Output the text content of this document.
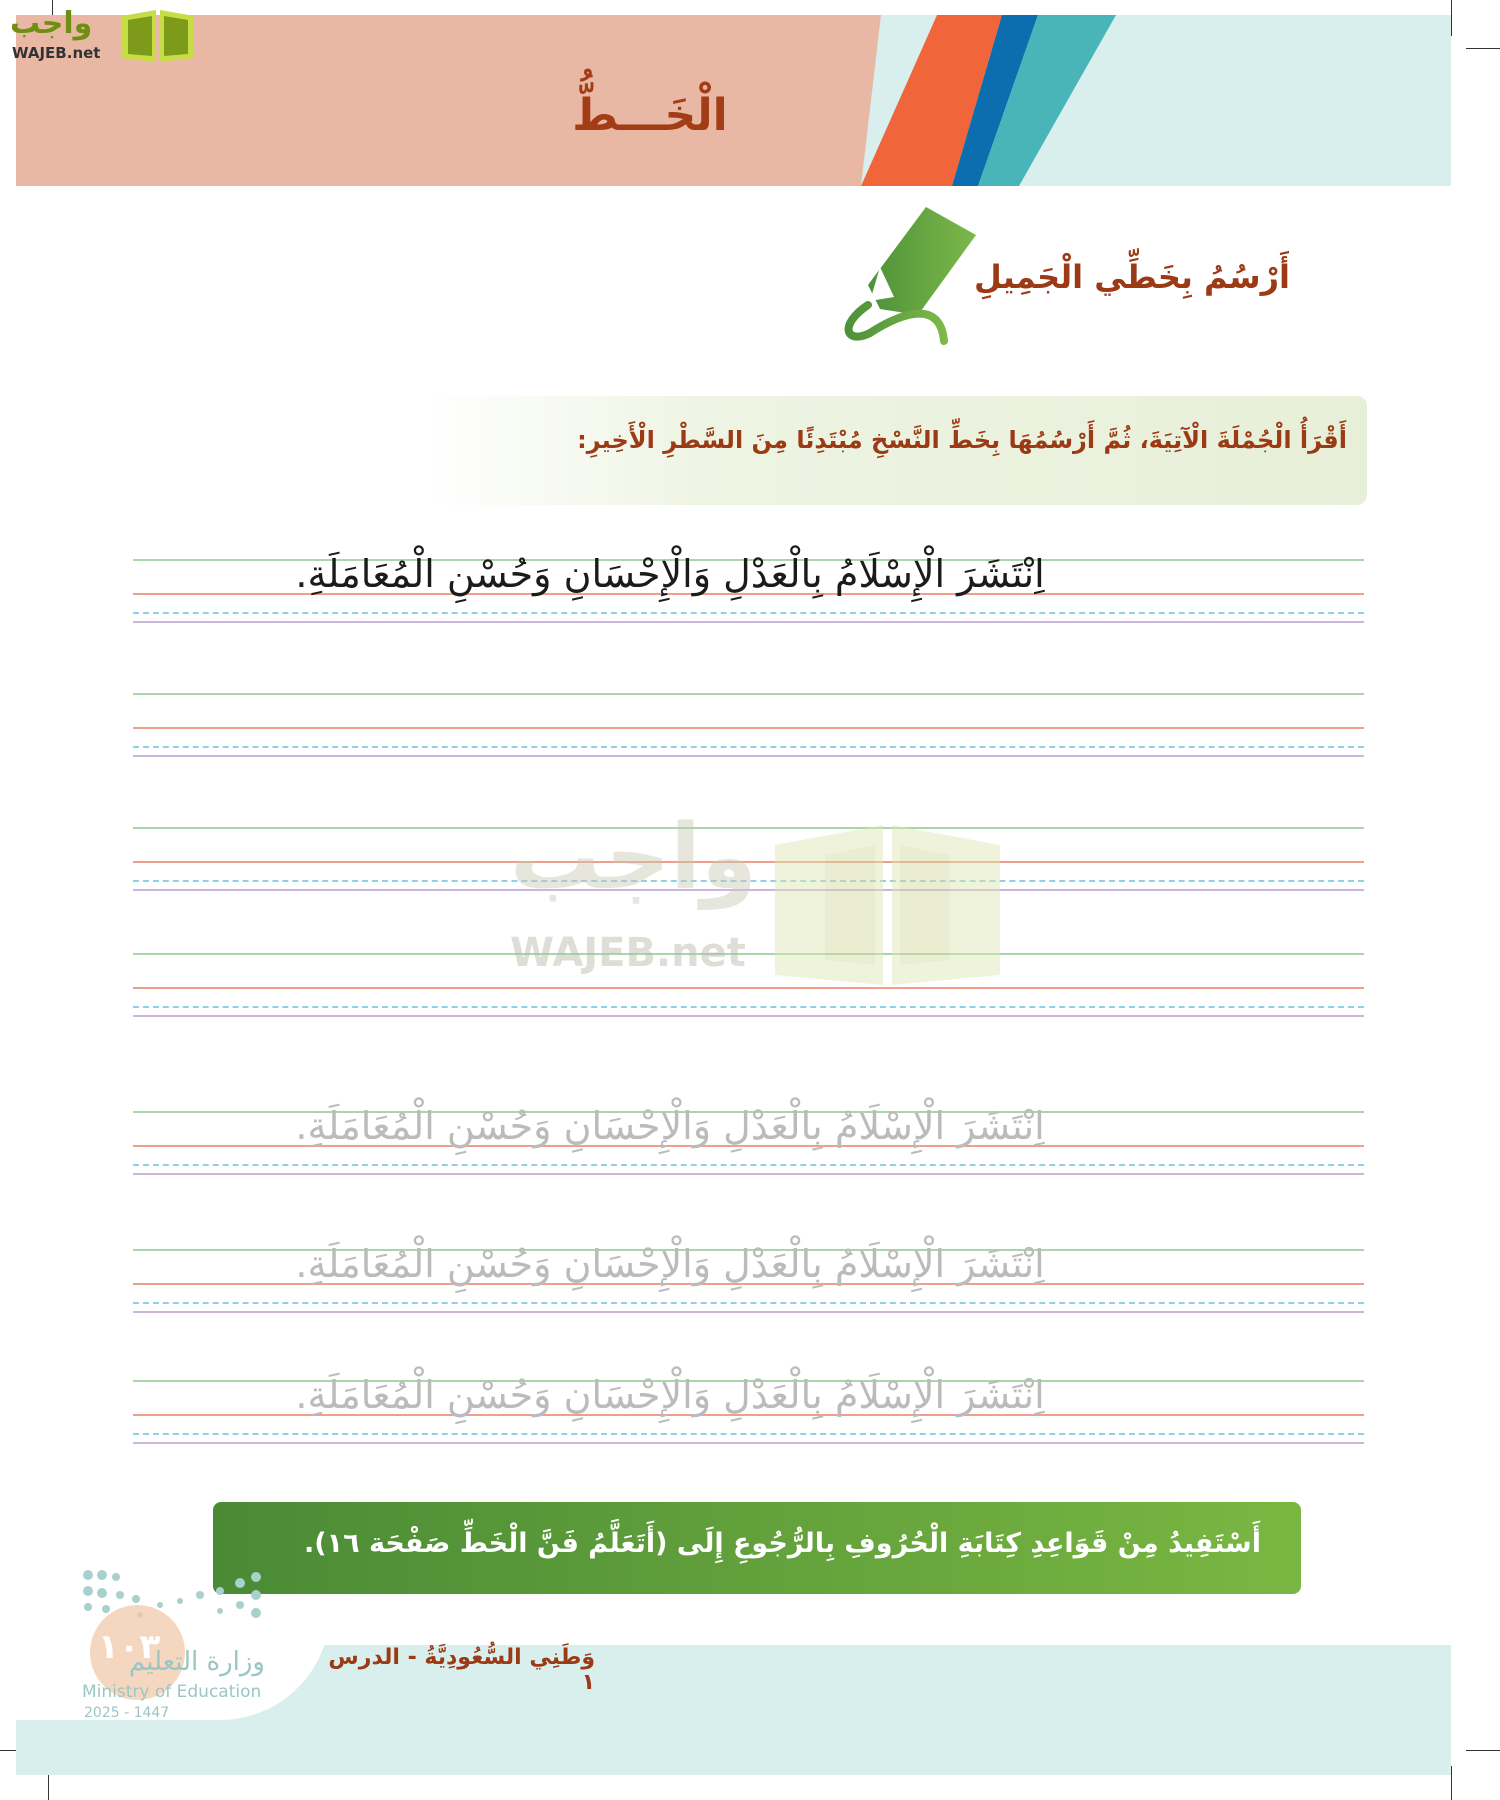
الْخَـــطُّ
واجب
WAJEB.net
أَرْسُمُ بِخَطِّي الْجَمِيلِ
أَقْرَأُ الْجُمْلَةَ الْآتِيَةَ، ثُمَّ أَرْسُمُهَا بِخَطِّ النَّسْخِ مُبْتَدِئًا مِنَ السَّطْرِ الْأَخِيرِ:
اِنْتَشَرَ الْإِسْلَامُ بِالْعَدْلِ وَالْإِحْسَانِ وَحُسْنِ الْمُعَامَلَةِ.
اِنْتَشَرَ الْإِسْلَامُ بِالْعَدْلِ وَالْإِحْسَانِ وَحُسْنِ الْمُعَامَلَةِ.
اِنْتَشَرَ الْإِسْلَامُ بِالْعَدْلِ وَالْإِحْسَانِ وَحُسْنِ الْمُعَامَلَةِ.
اِنْتَشَرَ الْإِسْلَامُ بِالْعَدْلِ وَالْإِحْسَانِ وَحُسْنِ الْمُعَامَلَةِ.
واجب
WAJEB.net
أَسْتَفِيدُ مِنْ قَوَاعِدِ كِتَابَةِ الْحُرُوفِ بِالرُّجُوعِ إِلَى (أَتَعَلَّمُ فَنَّ الْخَطِّ صَفْحَة ١٦).
وَطَنِي السُّعُودِيَّةُ - الدرس ١
١٠٣
وزارة التعليم
Ministry of Education
2025 - 1447
